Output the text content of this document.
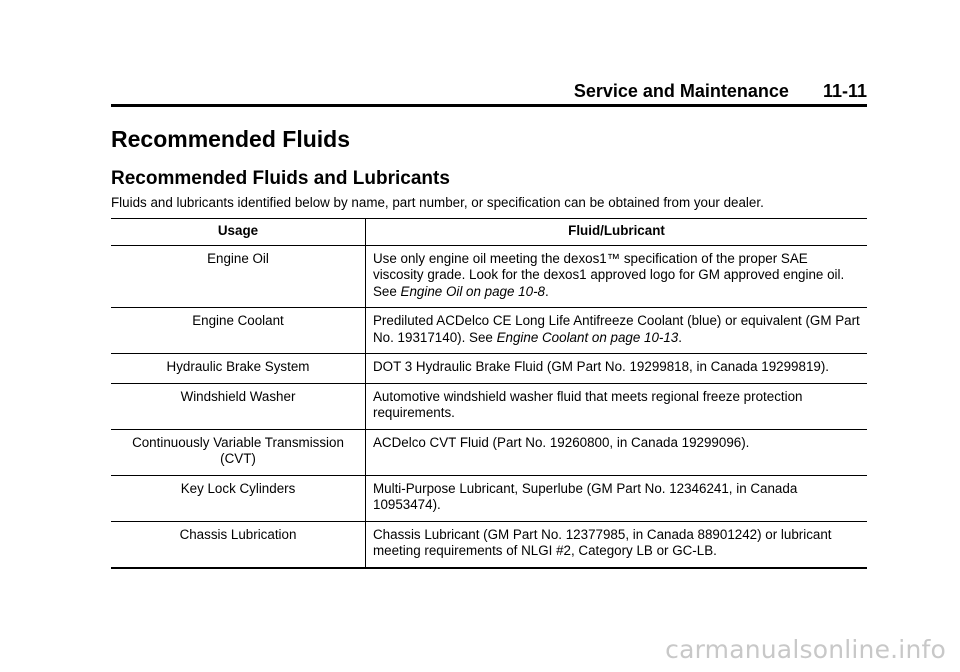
Service and Maintenance 11-11
Recommended Fluids
Recommended Fluids and Lubricants

Fluids and lubricants identified below by name, part number, or specification can be obtained from your dealer.

Usage	Fluid/Lubricant
Engine Oil	Use only engine oil meeting the dexos1™ specification of the proper SAE viscosity grade. Look for the dexos1 approved logo for GM approved engine oil. See Engine Oil on page 10-8.
Engine Coolant	Prediluted ACDelco CE Long Life Antifreeze Coolant (blue) or equivalent (GM Part No. 19317140). See Engine Coolant on page 10-13.
Hydraulic Brake System	DOT 3 Hydraulic Brake Fluid (GM Part No. 19299818, in Canada 19299819).
Windshield Washer	Automotive windshield washer fluid that meets regional freeze protection requirements.
Continuously Variable Transmission (CVT)	ACDelco CVT Fluid (Part No. 19260800, in Canada 19299096).
Key Lock Cylinders	Multi-Purpose Lubricant, Superlube (GM Part No. 12346241, in Canada 10953474).
Chassis Lubrication	Chassis Lubricant (GM Part No. 12377985, in Canada 88901242) or lubricant meeting requirements of NLGI #2, Category LB or GC-LB.
carmanualsonline.info
